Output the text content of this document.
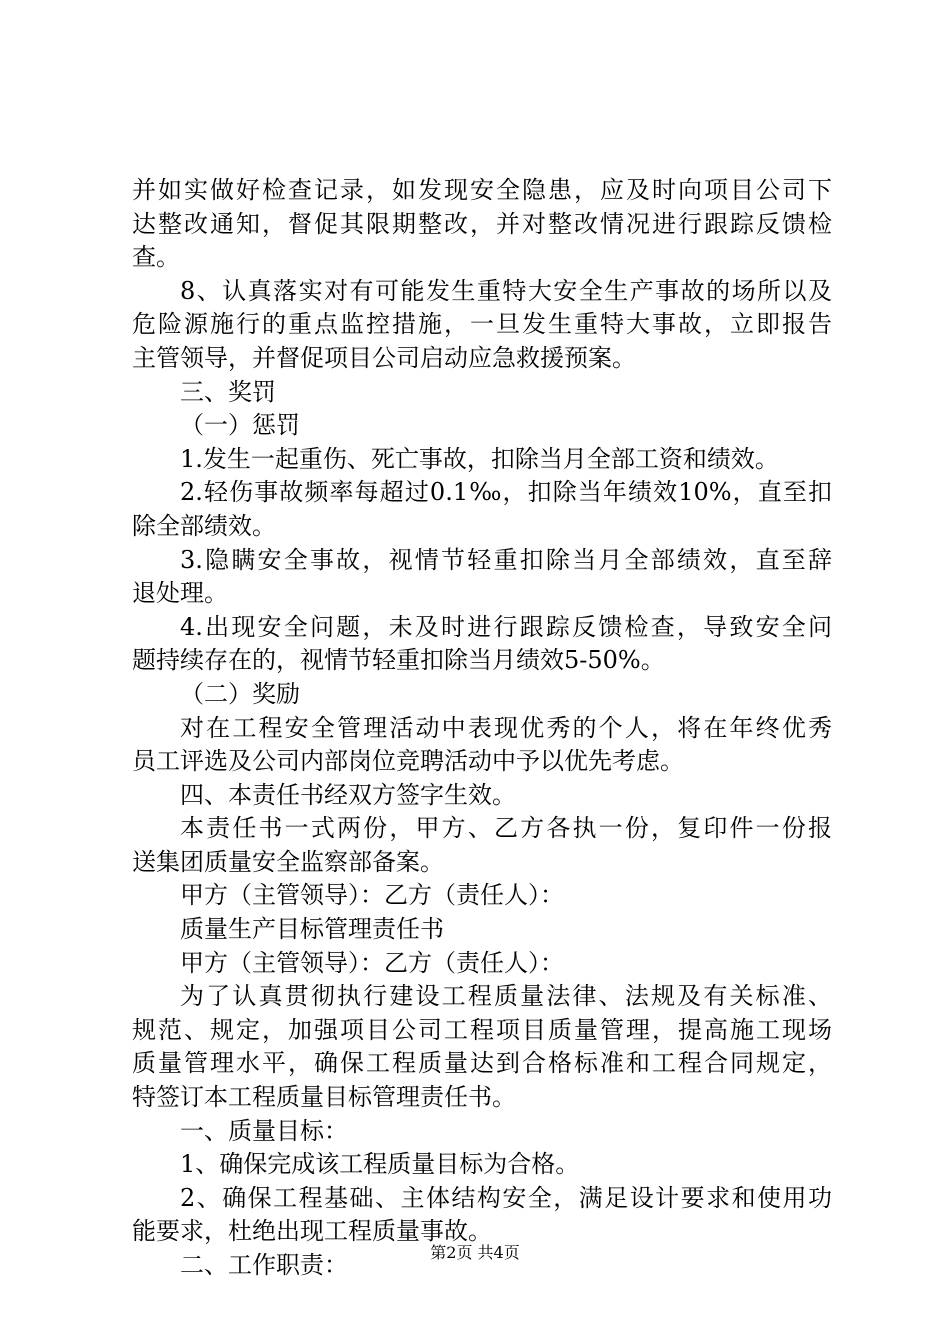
并如实做好检查记录，如发现安全隐患，应及时向项目公司下
达整改通知，督促其限期整改，并对整改情况进行跟踪反馈检
查。
8、认真落实对有可能发生重特大安全生产事故的场所以及
危险源施行的重点监控措施，一旦发生重特大事故，立即报告
主管领导，并督促项目公司启动应急救援预案。
三、奖罚
（一）惩罚
1.发生一起重伤、死亡事故，扣除当月全部工资和绩效。
2.轻伤事故频率每超过0.1‰，扣除当年绩效10%，直至扣
除全部绩效。
3.隐瞒安全事故，视情节轻重扣除当月全部绩效，直至辞
退处理。
4.出现安全问题，未及时进行跟踪反馈检查，导致安全问
题持续存在的，视情节轻重扣除当月绩效5-50%。
（二）奖励
对在工程安全管理活动中表现优秀的个人，将在年终优秀
员工评选及公司内部岗位竞聘活动中予以优先考虑。
四、本责任书经双方签字生效。
本责任书一式两份，甲方、乙方各执一份，复印件一份报
送集团质量安全监察部备案。
甲方（主管领导）：乙方（责任人）：
质量生产目标管理责任书
甲方（主管领导）：乙方（责任人）：
为了认真贯彻执行建设工程质量法律、法规及有关标准、
规范、规定，加强项目公司工程项目质量管理，提高施工现场
质量管理水平，确保工程质量达到合格标准和工程合同规定，
特签订本工程质量目标管理责任书。
一、质量目标：
1、确保完成该工程质量目标为合格。
2、确保工程基础、主体结构安全，满足设计要求和使用功
能要求，杜绝出现工程质量事故。
二、工作职责：	第2页 共4页
